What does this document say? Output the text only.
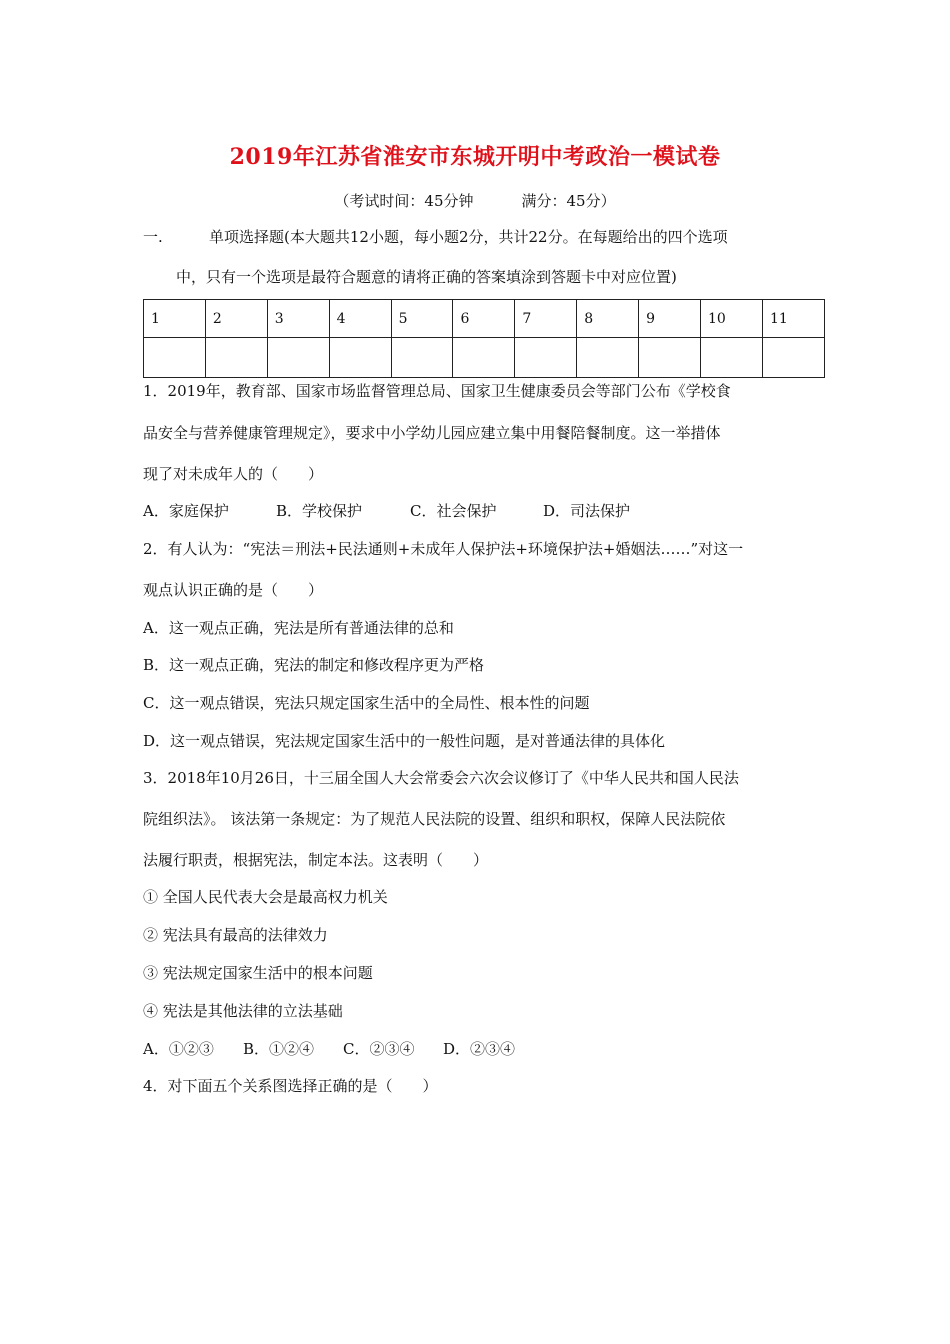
2019年江苏省淮安市东城开明中考政治一模试卷
（考试时间：45分钟	满分：45分）
一.	单项选择题(本大题共12小题，每小题2分，共计22分。在每题给出的四个选项
中，只有一个选项是最符合题意的请将正确的答案填涂到答题卡中对应位置)
1	2	3	4	5	6	7	8	9	10	11

1．2019年，教育部、国家市场监督管理总局、国家卫生健康委员会等部门公布《学校食
品安全与营养健康管理规定》，要求中小学幼儿园应建立集中用餐陪餐制度。这一举措体
现了对未成年人的（　　）
A．家庭保护	B．学校保护	C．社会保护	D．司法保护
2．有人认为：“宪法＝刑法+民法通则+未成年人保护法+环境保护法+婚姻法……”对这一
观点认识正确的是（　　）
A．这一观点正确，宪法是所有普通法律的总和
B．这一观点正确，宪法的制定和修改程序更为严格
C．这一观点错误，宪法只规定国家生活中的全局性、根本性的问题
D．这一观点错误，宪法规定国家生活中的一般性问题，是对普通法律的具体化
3．2018年10月26日，十三届全国人大会常委会六次会议修订了《中华人民共和国人民法
院组织法》。 该法第一条规定：为了规范人民法院的设置、组织和职权，保障人民法院依
法履行职责，根据宪法，制定本法。这表明（　　）
① 全国人民代表大会是最高权力机关
② 宪法具有最高的法律效力
③ 宪法规定国家生活中的根本问题
④ 宪法是其他法律的立法基础
A．①②③ B．①②④ C．②③④ D．②③④
4．对下面五个关系图选择正确的是（　　）
